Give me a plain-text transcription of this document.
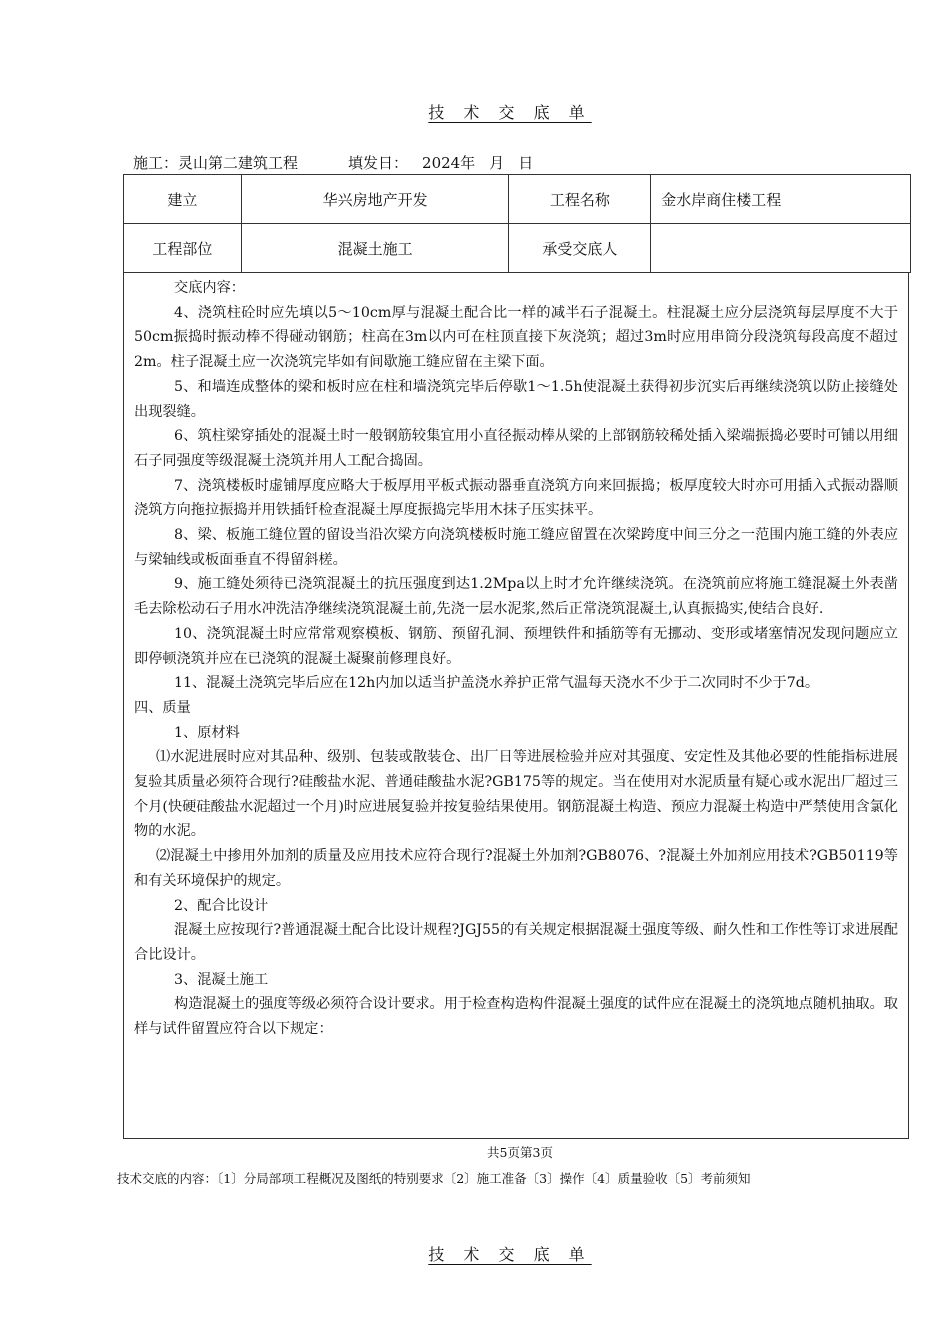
技 术 交 底 单
施工：灵山第二建筑工程	填发日： 2024年 月 日
建立	华兴房地产开发	工程名称	金水岸商住楼工程
工程部位	混凝土施工	承受交底人	

交底内容：

4、浇筑柱砼时应先填以5～10cm厚与混凝土配合比一样的减半石子混凝土。柱混凝土应分层浇筑每层厚度不大于50cm振捣时振动棒不得碰动钢筋；柱高在3m以内可在柱顶直接下灰浇筑；超过3m时应用串筒分段浇筑每段高度不超过2m。柱子混凝土应一次浇筑完毕如有间歇施工缝应留在主梁下面。

5、和墙连成整体的梁和板时应在柱和墙浇筑完毕后停歇1～1.5h使混凝土获得初步沉实后再继续浇筑以防止接缝处出现裂缝。

6、筑柱梁穿插处的混凝土时一般钢筋较集宜用小直径振动棒从梁的上部钢筋较稀处插入梁端振捣必要时可铺以用细石子同强度等级混凝土浇筑并用人工配合捣固。

7、浇筑楼板时虚铺厚度应略大于板厚用平板式振动器垂直浇筑方向来回振捣；板厚度较大时亦可用插入式振动器顺浇筑方向拖拉振捣并用铁插钎检查混凝土厚度振捣完毕用木抹子压实抹平。

8、梁、板施工缝位置的留设当沿次梁方向浇筑楼板时施工缝应留置在次梁跨度中间三分之一范围内施工缝的外表应与梁轴线或板面垂直不得留斜槎。

9、施工缝处须待已浇筑混凝土的抗压强度到达1.2Mpa以上时才允许继续浇筑。在浇筑前应将施工缝混凝土外表凿毛去除松动石子用水冲洗洁净继续浇筑混凝土前,先浇一层水泥浆,然后正常浇筑混凝土,认真振捣实,使结合良好.

10、浇筑混凝土时应常常观察模板、钢筋、预留孔洞、预埋铁件和插筋等有无挪动、变形或堵塞情况发现问题应立即停顿浇筑并应在已浇筑的混凝土凝聚前修理良好。

11、混凝土浇筑完毕后应在12h内加以适当护盖浇水养护正常气温每天浇水不少于二次同时不少于7d。

四、质量

1、原材料

⑴水泥进展时应对其品种、级别、包装或散装仓、出厂日等进展检验并应对其强度、安定性及其他必要的性能指标进展复验其质量必须符合现行?硅酸盐水泥、普通硅酸盐水泥?GB175等的规定。当在使用对水泥质量有疑心或水泥出厂超过三个月(快硬硅酸盐水泥超过一个月)时应进展复验并按复验结果使用。钢筋混凝土构造、预应力混凝土构造中严禁使用含氯化物的水泥。

⑵混凝土中掺用外加剂的质量及应用技术应符合现行?混凝土外加剂?GB8076、?混凝土外加剂应用技术?GB50119等和有关环境保护的规定。

2、配合比设计

混凝土应按现行?普通混凝土配合比设计规程?JGJ55的有关规定根据混凝土强度等级、耐久性和工作性等订求进展配合比设计。

3、混凝土施工

构造混凝土的强度等级必须符合设计要求。用于检查构造构件混凝土强度的试件应在混凝土的浇筑地点随机抽取。取样与试件留置应符合以下规定：

共5页第3页
技术交底的内容：〔1〕分局部项工程概况及图纸的特别要求〔2〕施工准备〔3〕操作〔4〕质量验收〔5〕考前须知
技 术 交 底 单
